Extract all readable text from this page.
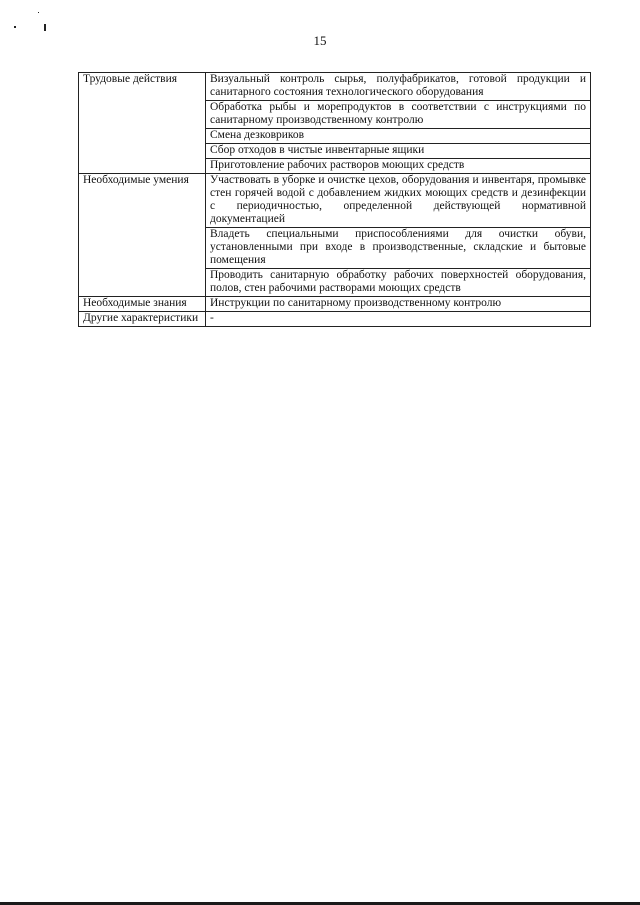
15
Трудовые действия	Визуальный контроль сырья, полуфабрикатов, готовой продукции и санитарного состояния технологического оборудования
	Обработка рыбы и морепродуктов в соответствии с инструкциями по санитарному производственному контролю
	Смена дезковриков
	Сбор отходов в чистые инвентарные ящики
	Приготовление рабочих растворов моющих средств
Необходимые умения	Участвовать в уборке и очистке цехов, оборудования и инвентаря, промывке стен горячей водой с добавлением жидких моющих средств и дезинфекции с периодичностью, определенной действующей нормативной документацией
	Владеть специальными приспособлениями для очистки обуви, установленными при входе в производственные, складские и бытовые помещения
	Проводить санитарную обработку рабочих поверхностей оборудования, полов, стен рабочими растворами моющих средств
Необходимые знания	Инструкции по санитарному производственному контролю
Другие характеристики	-
